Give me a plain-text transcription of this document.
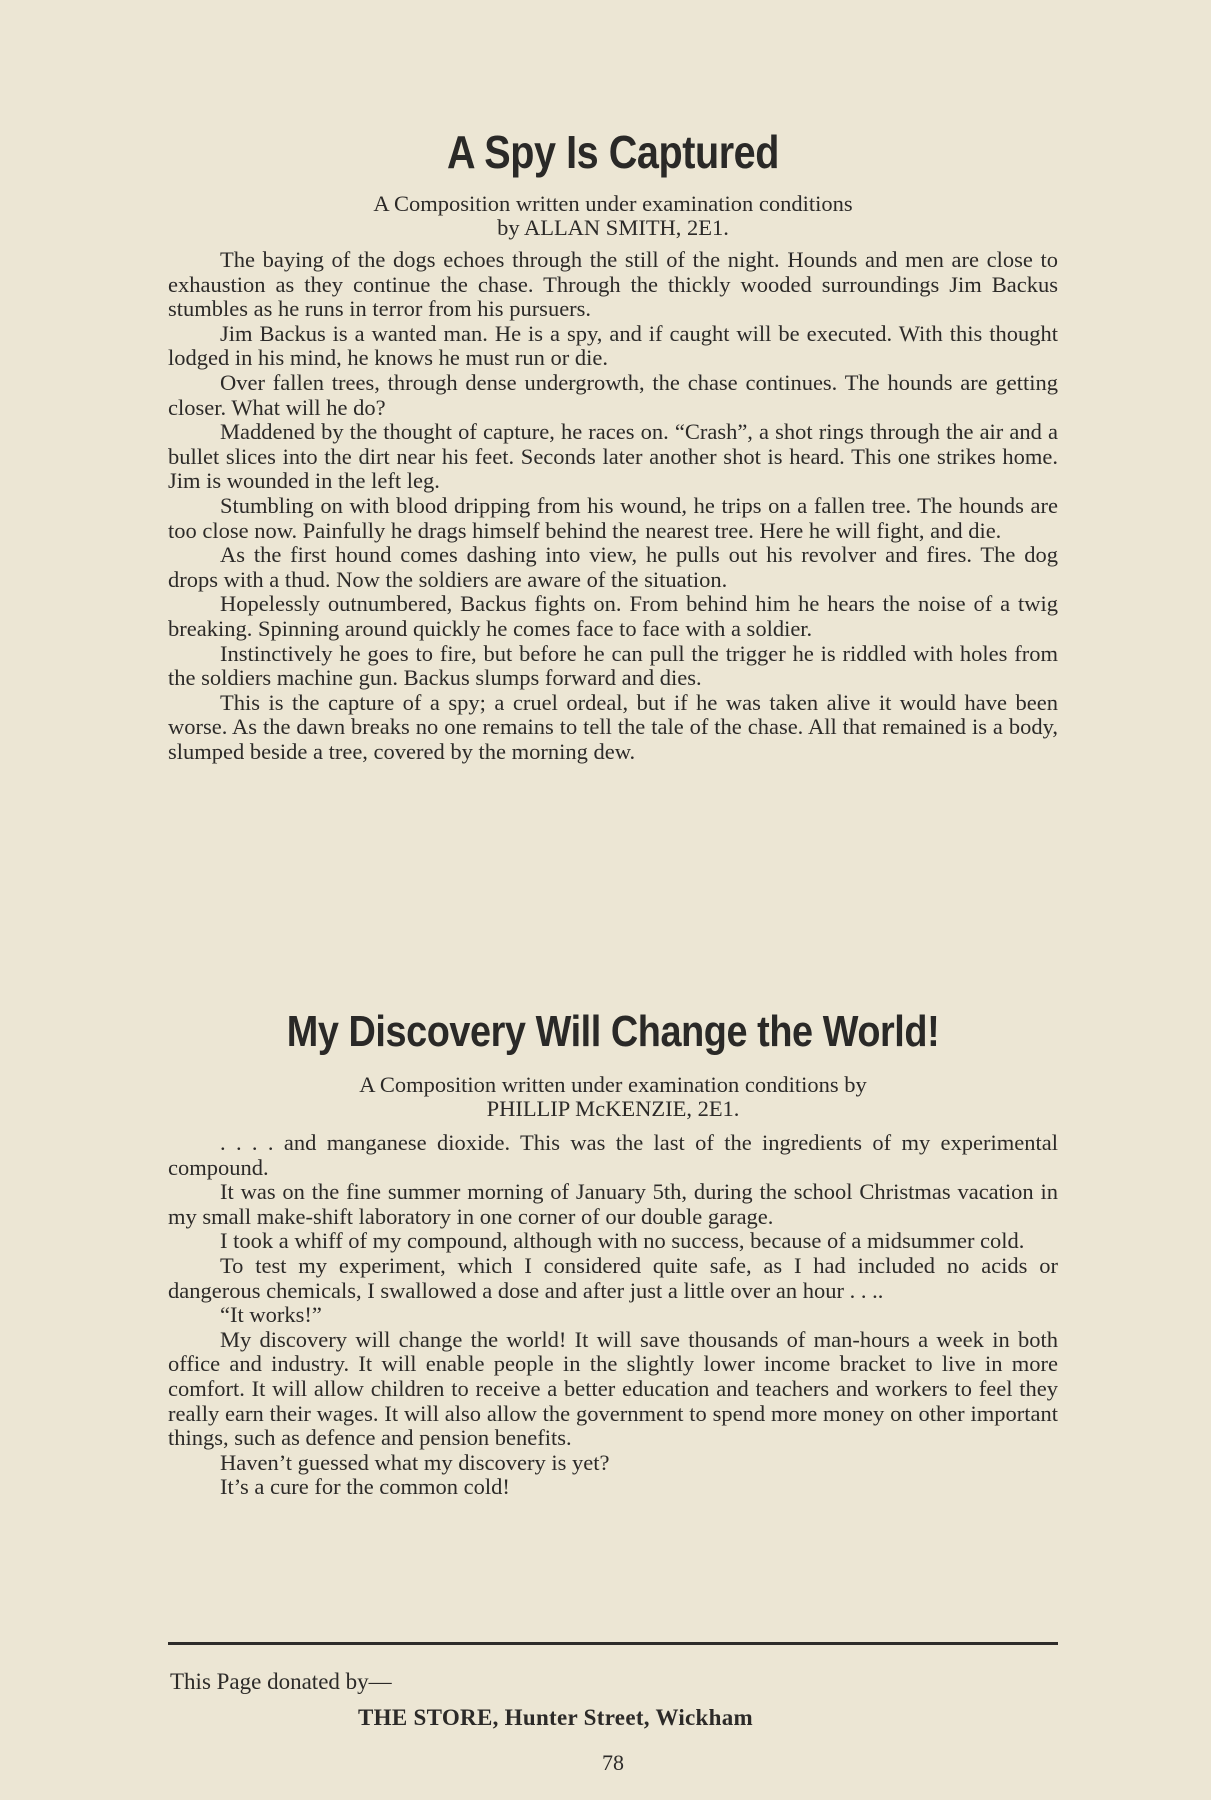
A Spy Is Captured
A Composition written under examination conditions
by ALLAN SMITH, 2E1.

The baying of the dogs echoes through the still of the night. Hounds and men are close to exhaustion as they continue the chase. Through the thickly wooded surroundings Jim Backus stumbles as he runs in terror from his pursuers.

Jim Backus is a wanted man. He is a spy, and if caught will be executed. With this thought lodged in his mind, he knows he must run or die.

Over fallen trees, through dense undergrowth, the chase continues. The hounds are getting closer. What will he do?

Maddened by the thought of capture, he races on. “Crash”, a shot rings through the air and a bullet slices into the dirt near his feet. Seconds later another shot is heard. This one strikes home. Jim is wounded in the left leg.

Stumbling on with blood dripping from his wound, he trips on a fallen tree. The hounds are too close now. Painfully he drags himself behind the nearest tree. Here he will fight, and die.

As the first hound comes dashing into view, he pulls out his revolver and fires. The dog drops with a thud. Now the soldiers are aware of the situation.

Hopelessly outnumbered, Backus fights on. From behind him he hears the noise of a twig breaking. Spinning around quickly he comes face to face with a soldier.

Instinctively he goes to fire, but before he can pull the trigger he is riddled with holes from the soldiers machine gun. Backus slumps forward and dies.

This is the capture of a spy; a cruel ordeal, but if he was taken alive it would have been worse. As the dawn breaks no one remains to tell the tale of the chase. All that remained is a body, slumped beside a tree, covered by the morning dew.

My Discovery Will Change the World!
A Composition written under examination conditions by
PHILLIP McKENZIE, 2E1.

. . . . and manganese dioxide. This was the last of the ingredients of my experimental compound.

It was on the fine summer morning of January 5th, during the school Christmas vacation in my small make-shift laboratory in one corner of our double garage.

I took a whiff of my compound, although with no success, because of a midsummer cold.

To test my experiment, which I considered quite safe, as I had included no acids or dangerous chemicals, I swallowed a dose and after just a little over an hour . . ..

“It works!”

My discovery will change the world! It will save thousands of man-hours a week in both office and industry. It will enable people in the slightly lower income bracket to live in more comfort. It will allow children to receive a better education and teachers and workers to feel they really earn their wages. It will also allow the government to spend more money on other important things, such as defence and pension benefits.

Haven’t guessed what my discovery is yet?

It’s a cure for the common cold!

This Page donated by—
THE STORE, Hunter Street, Wickham
78
